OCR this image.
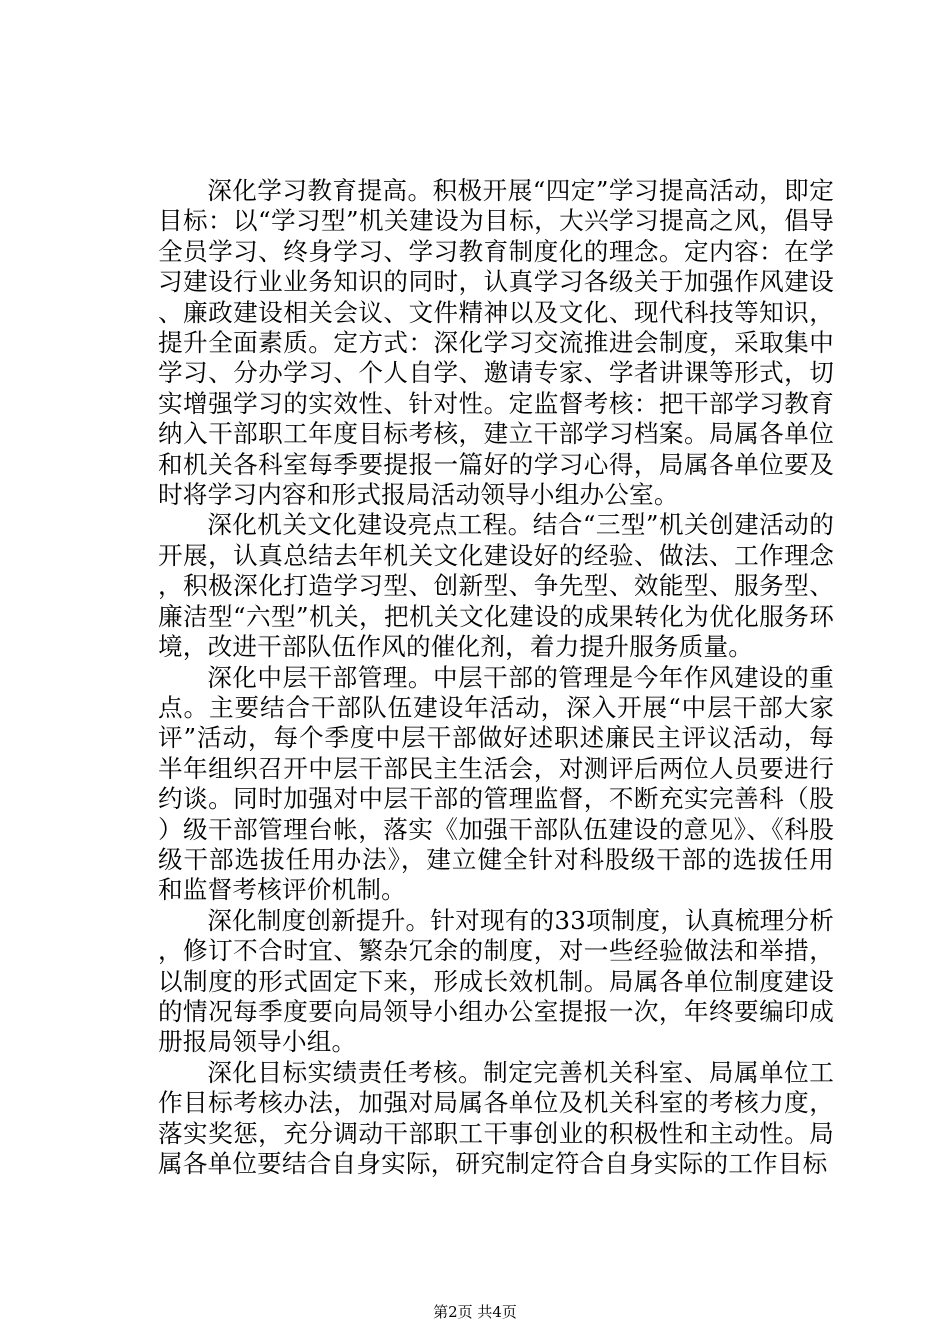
深化学习教育提高。积极开展“四定”学习提高活动，即定目标：以“学习型”机关建设为目标，大兴学习提高之风，倡导全员学习、终身学习、学习教育制度化的理念。定内容：在学习建设行业业务知识的同时，认真学习各级关于加强作风建设、廉政建设相关会议、文件精神以及文化、现代科技等知识，提升全面素质。定方式：深化学习交流推进会制度，采取集中学习、分办学习、个人自学、邀请专家、学者讲课等形式，切实增强学习的实效性、针对性。定监督考核：把干部学习教育纳入干部职工年度目标考核，建立干部学习档案。局属各单位和机关各科室每季要提报一篇好的学习心得，局属各单位要及时将学习内容和形式报局活动领导小组办公室。

深化机关文化建设亮点工程。结合“三型”机关创建活动的开展，认真总结去年机关文化建设好的经验、做法、工作理念，积极深化打造学习型、创新型、争先型、效能型、服务型、廉洁型“六型”机关，把机关文化建设的成果转化为优化服务环境，改进干部队伍作风的催化剂，着力提升服务质量。

深化中层干部管理。中层干部的管理是今年作风建设的重点。主要结合干部队伍建设年活动，深入开展“中层干部大家评”活动，每个季度中层干部做好述职述廉民主评议活动，每半年组织召开中层干部民主生活会，对测评后两位人员要进行约谈。同时加强对中层干部的管理监督，不断充实完善科（股）级干部管理台帐，落实《加强干部队伍建设的意见》、《科股级干部选拔任用办法》，建立健全针对科股级干部的选拔任用和监督考核评价机制。

深化制度创新提升。针对现有的33项制度，认真梳理分析，修订不合时宜、繁杂冗余的制度，对一些经验做法和举措，以制度的形式固定下来，形成长效机制。局属各单位制度建设的情况每季度要向局领导小组办公室提报一次，年终要编印成册报局领导小组。

深化目标实绩责任考核。制定完善机关科室、局属单位工作目标考核办法，加强对局属各单位及机关科室的考核力度，落实奖惩，充分调动干部职工干事创业的积极性和主动性。局属各单位要结合自身实际，研究制定符合自身实际的工作目标

第2页 共4页
